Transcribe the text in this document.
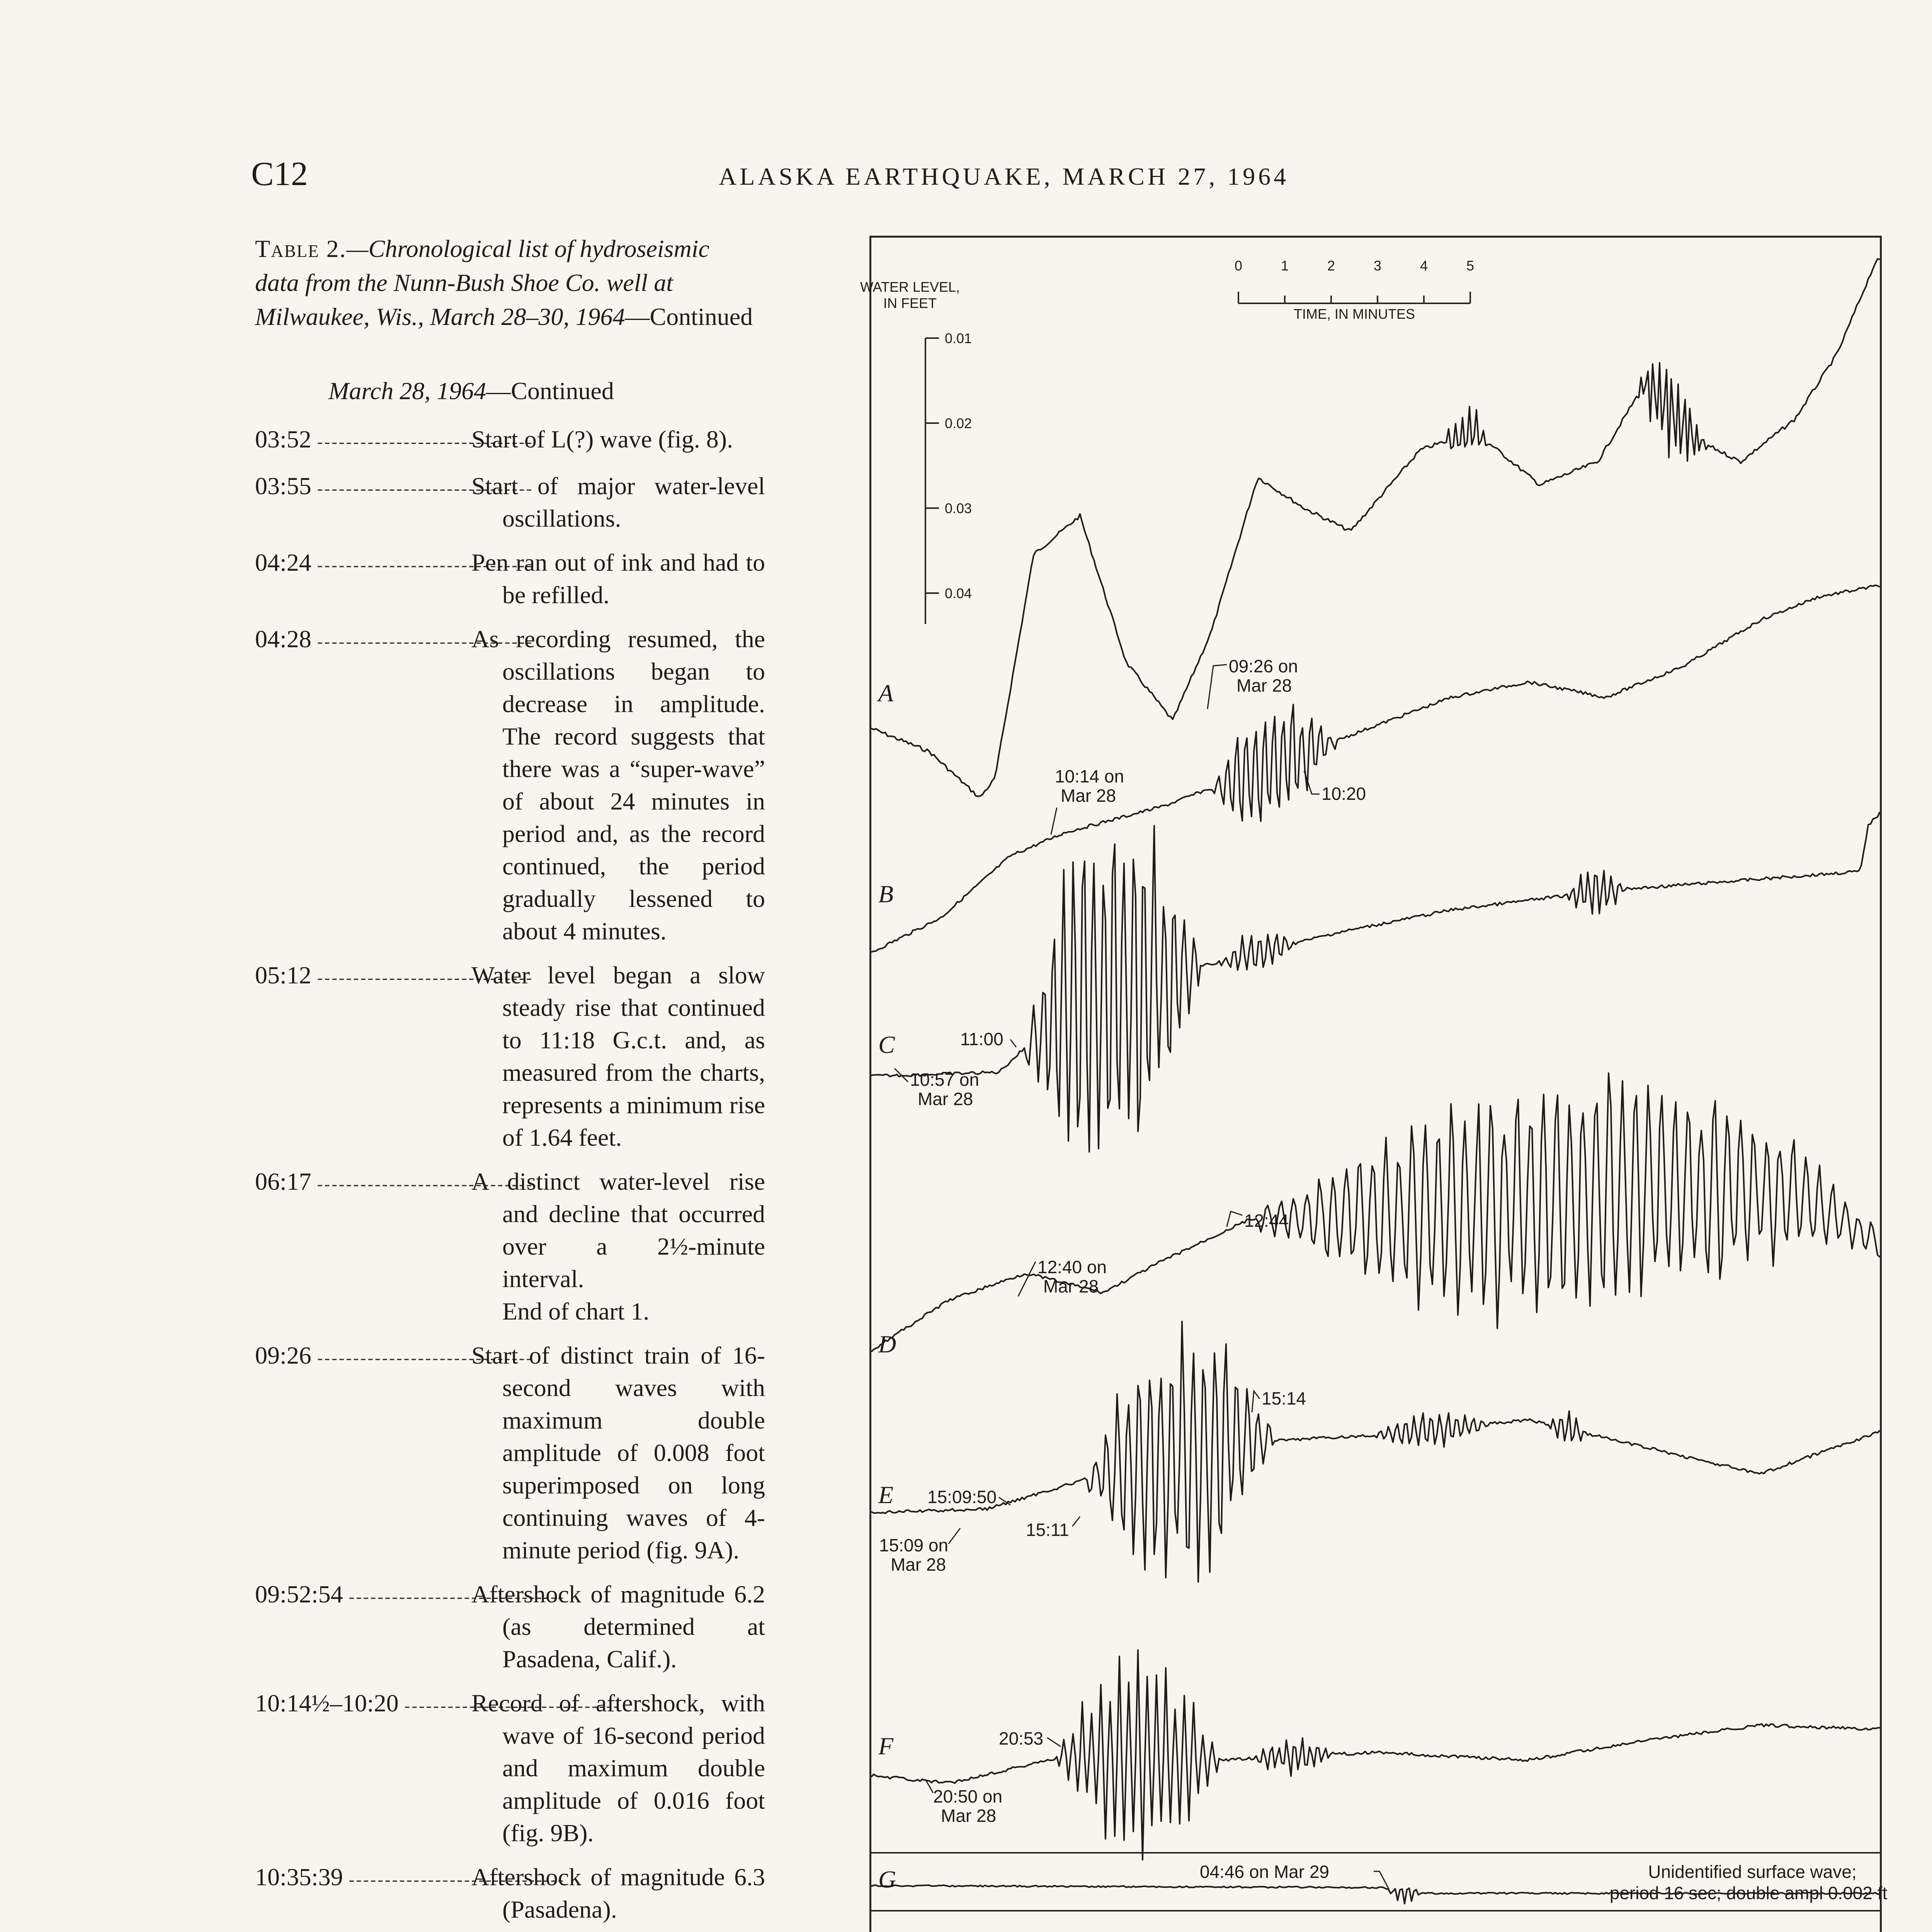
C12	ALASKA EARTHQUAKE, MARCH 27, 1964
Table 2.—Chronological list of hydroseismic data from the Nunn-Bush Shoe Co. well at Milwaukee, Wis., March 28–30, 1964—Continued
March 28, 1964—Continued
03:52 -----	Start of L(?) wave (fig. 8).
03:55 -----	Start of major water-level oscillations.
04:24 -----	Pen ran out of ink and had to be refilled.
04:28 -----	As recording resumed, the oscillations began to decrease in amplitude. The record suggests that there was a “super-wave” of about 24 minutes in period and, as the record continued, the period gradually lessened to about 4 minutes.
05:12 -----	Water level began a slow steady rise that continued to 11:18 G.c.t. and, as measured from the charts, represents a minimum rise of 1.64 feet.
06:17 -----	A distinct water-level rise and decline that occurred over a 2½-minute interval.
End of chart 1.
09:26 -----	Start of distinct train of 16-second waves with maximum double amplitude of 0.008 foot superimposed on long continuing waves of 4-minute period (fig. 9A).
09:52:54 -----	Aftershock of magnitude 6.2 (as determined at Pasadena, Calif.).
10:14½–10:20 -----	Record of aftershock, with wave of 16-second period and maximum double amplitude of 0.016 foot (fig. 9B).
10:35:39 -----	Aftershock of magnitude 6.3 (Pasadena).
WATER LEVEL,
IN FEET
0.01
0.02
0.03
0.04
0	1	2	3	4	5
TIME, IN MINUTES
A
B
C
D
E
F
G
09:26 on
Mar 28
10:14 on
Mar 28	10:20
11:00
10:57 on
Mar 28
12:44
12:40 on
Mar 28
15:09:50
15:11
15:14
15:09 on
Mar 28
20:53
20:50 on
Mar 28
04:46 on Mar 29	Unidentified surface wave;
period 16 sec; double ampl 0.002 ft
